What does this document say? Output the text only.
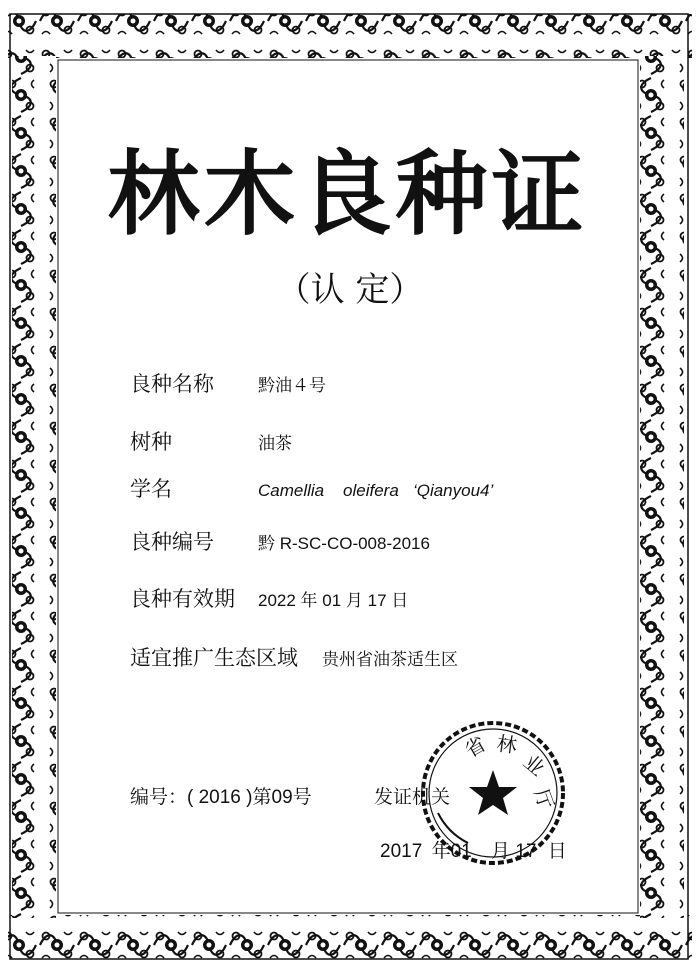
林木良种证
（认 定）
良种名称	黔油４号
树种	油茶
学名	Camellia    oleifera   ‘Qianyou4’
良种编号	黔 R-SC-CO-008-2016
良种有效期 2022 年 01 月 17 日
适宜推广生态区域 贵州省油茶适生区
编号：( 2016 )第09号	发证机关
省 林
业
厅
2017 年01 月 17 日
